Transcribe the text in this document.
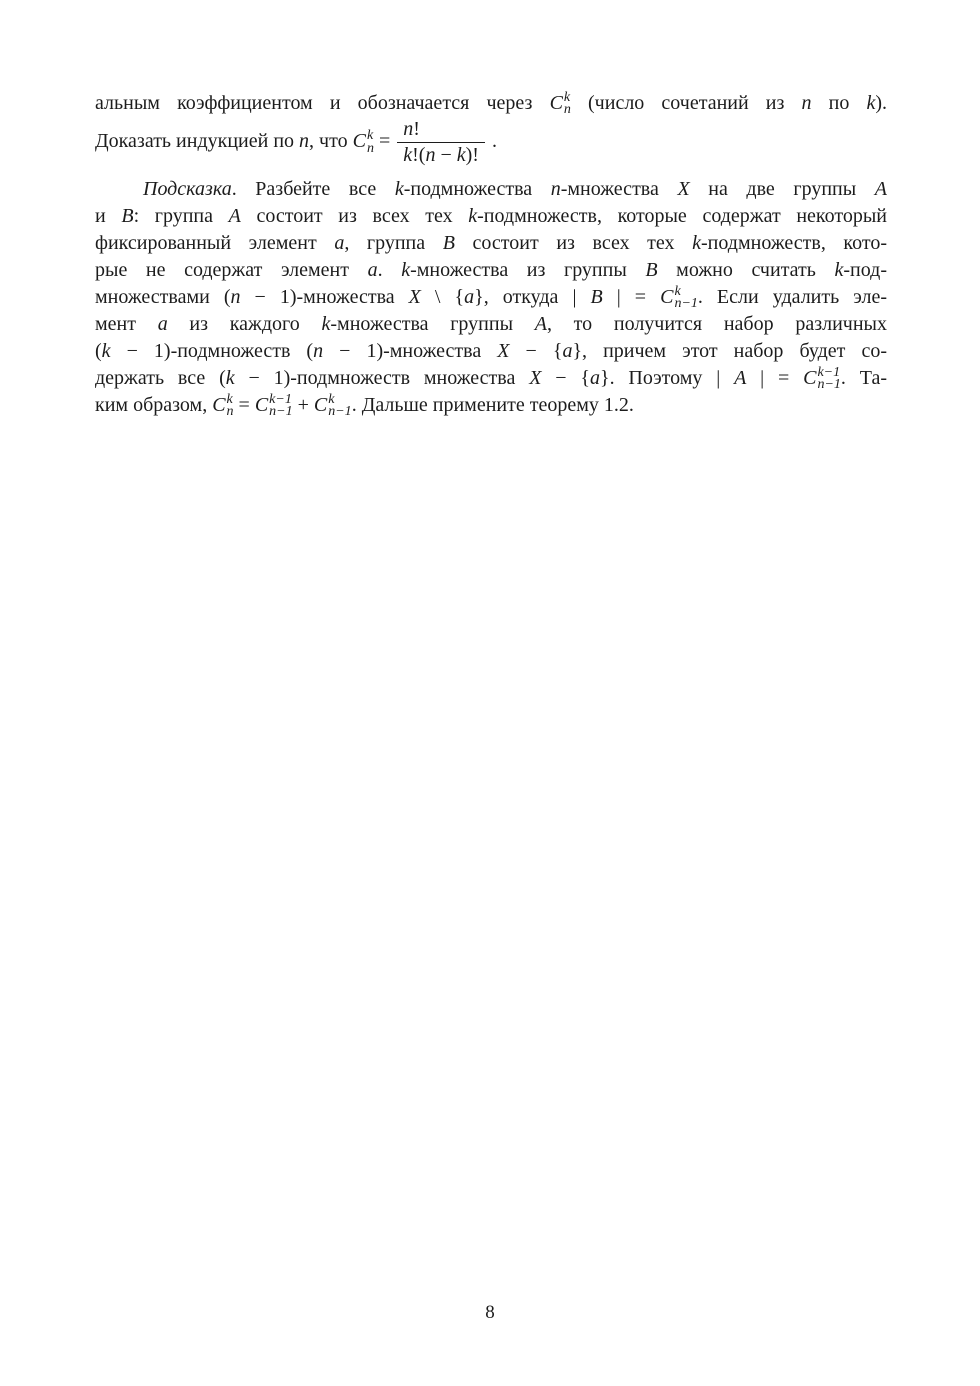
альным коэффициентом и обозначается через C k
n (число сочетаний из n по k).
Доказать индукцией по n, что C k
$n = \frac{n!}{k!(n - k)!}$ .
Подсказка. Разбейте все k-подмножества n-множества X на две группы A
и B: группа A состоит из всех тех k-подмножеств, которые содержат некоторый
фиксированный элемент a, группа B состоит из всех тех k-подмножеств, кото-
рые не содержат элемент a. k-множества из группы B можно считать k-под-
множествами (n − 1)-множества X \ {a}, откуда | B | = C k
n−1 . Если удалить эле-
мент a из каждого k-множества группы A, то получится набор различных
(k − 1)-подмножеств (n − 1)-множества X − {a}, причем этот набор будет со-
держать все (k − 1)-подмножеств множества X − {a}. Поэтому | A | = C k−1
n−1 . Та-
ким образом, C k
n = C k−1
n−1 + C k
n−1 . Дальше примените теорему 1.2.
8
